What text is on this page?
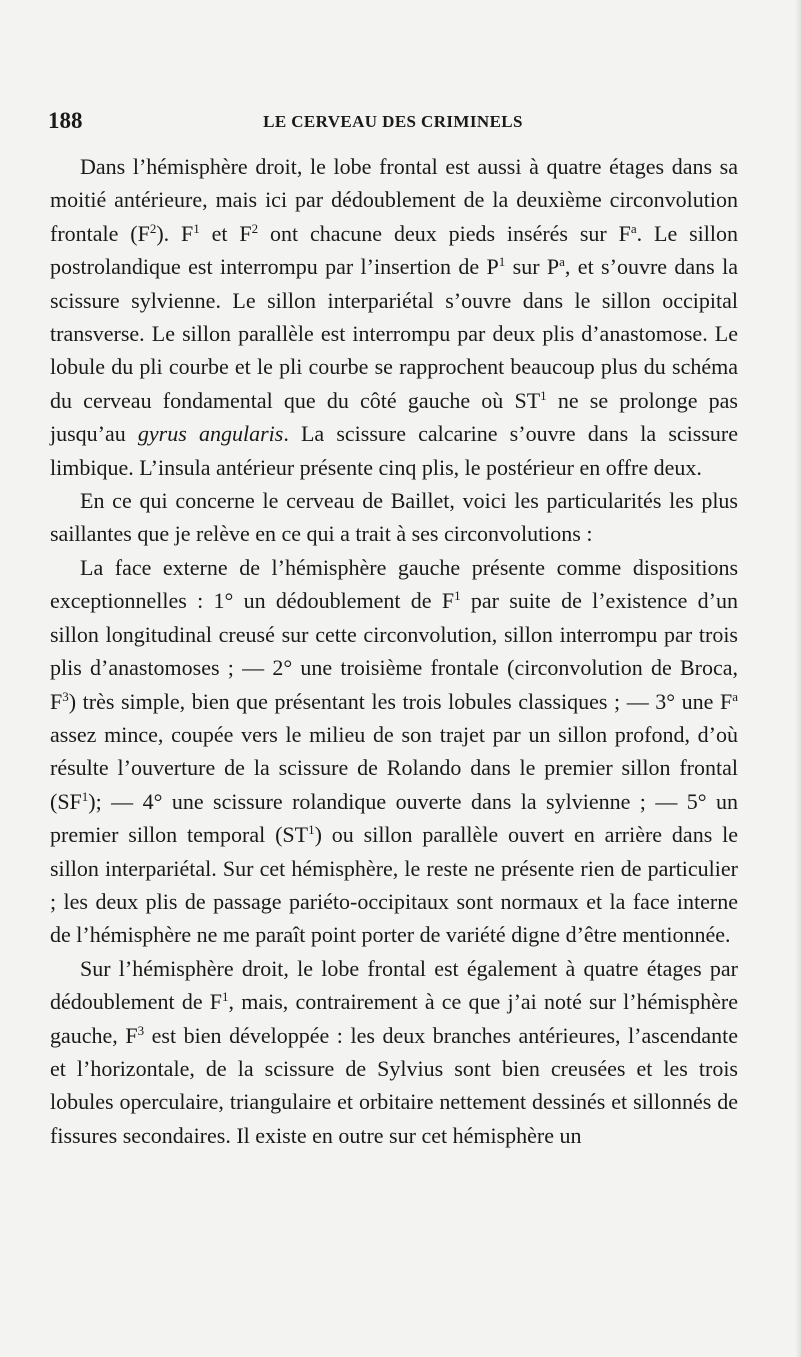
188	LE CERVEAU DES CRIMINELS

Dans l’hémisphère droit, le lobe frontal est aussi à quatre étages dans sa moitié antérieure, mais ici par dédoublement de la deuxième circonvolution frontale $(F^2)$. $F^1$ et $F^2$ ont chacune deux pieds insérés sur $F^a$. Le sillon postrolandique est interrompu par l’insertion de $P^1$ sur $P^a$, et s’ouvre dans la scissure sylvienne. Le sillon interpariétal s’ouvre dans le sillon occipital transverse. Le sillon parallèle est interrompu par deux plis d’anastomose. Le lobule du pli courbe et le pli courbe se rapprochent beaucoup plus du schéma du cerveau fondamental que du côté gauche où $ST^1$ ne se prolonge pas jusqu’au gyrus angularis. La scissure calcarine s’ouvre dans la scissure limbique. L’insula antérieur présente cinq plis, le postérieur en offre deux.

En ce qui concerne le cerveau de Baillet, voici les particularités les plus saillantes que je relève en ce qui a trait à ses circonvolutions :

La face externe de l’hémisphère gauche présente comme dispositions exceptionnelles : 1° un dédoublement de $F^1$ par suite de l’existence d’un sillon longitudinal creusé sur cette circonvolution, sillon interrompu par trois plis d’anastomoses ; — 2° une troisième frontale (circonvolution de Broca, $F^3$) très simple, bien que présentant les trois lobules classiques ; — 3° une $F^a$ assez mince, coupée vers le milieu de son trajet par un sillon profond, d’où résulte l’ouverture de la scissure de Rolando dans le premier sillon frontal $(SF^1)$; — 4° une scissure rolandique ouverte dans la sylvienne ; — 5° un premier sillon temporal $(ST^1)$ ou sillon parallèle ouvert en arrière dans le sillon interpariétal. Sur cet hémisphère, le reste ne présente rien de particulier ; les deux plis de passage pariéto-occipitaux sont normaux et la face interne de l’hémisphère ne me paraît point porter de variété digne d’être mentionnée.

Sur l’hémisphère droit, le lobe frontal est également à quatre étages par dédoublement de $F^1$, mais, contrairement à ce que j’ai noté sur l’hémisphère gauche, $F^3$ est bien développée : les deux branches antérieures, l’ascendante et l’horizontale, de la scissure de Sylvius sont bien creusées et les trois lobules operculaire, triangulaire et orbitaire nettement dessinés et sillonnés de fissures secondaires. Il existe en outre sur cet hémisphère un
